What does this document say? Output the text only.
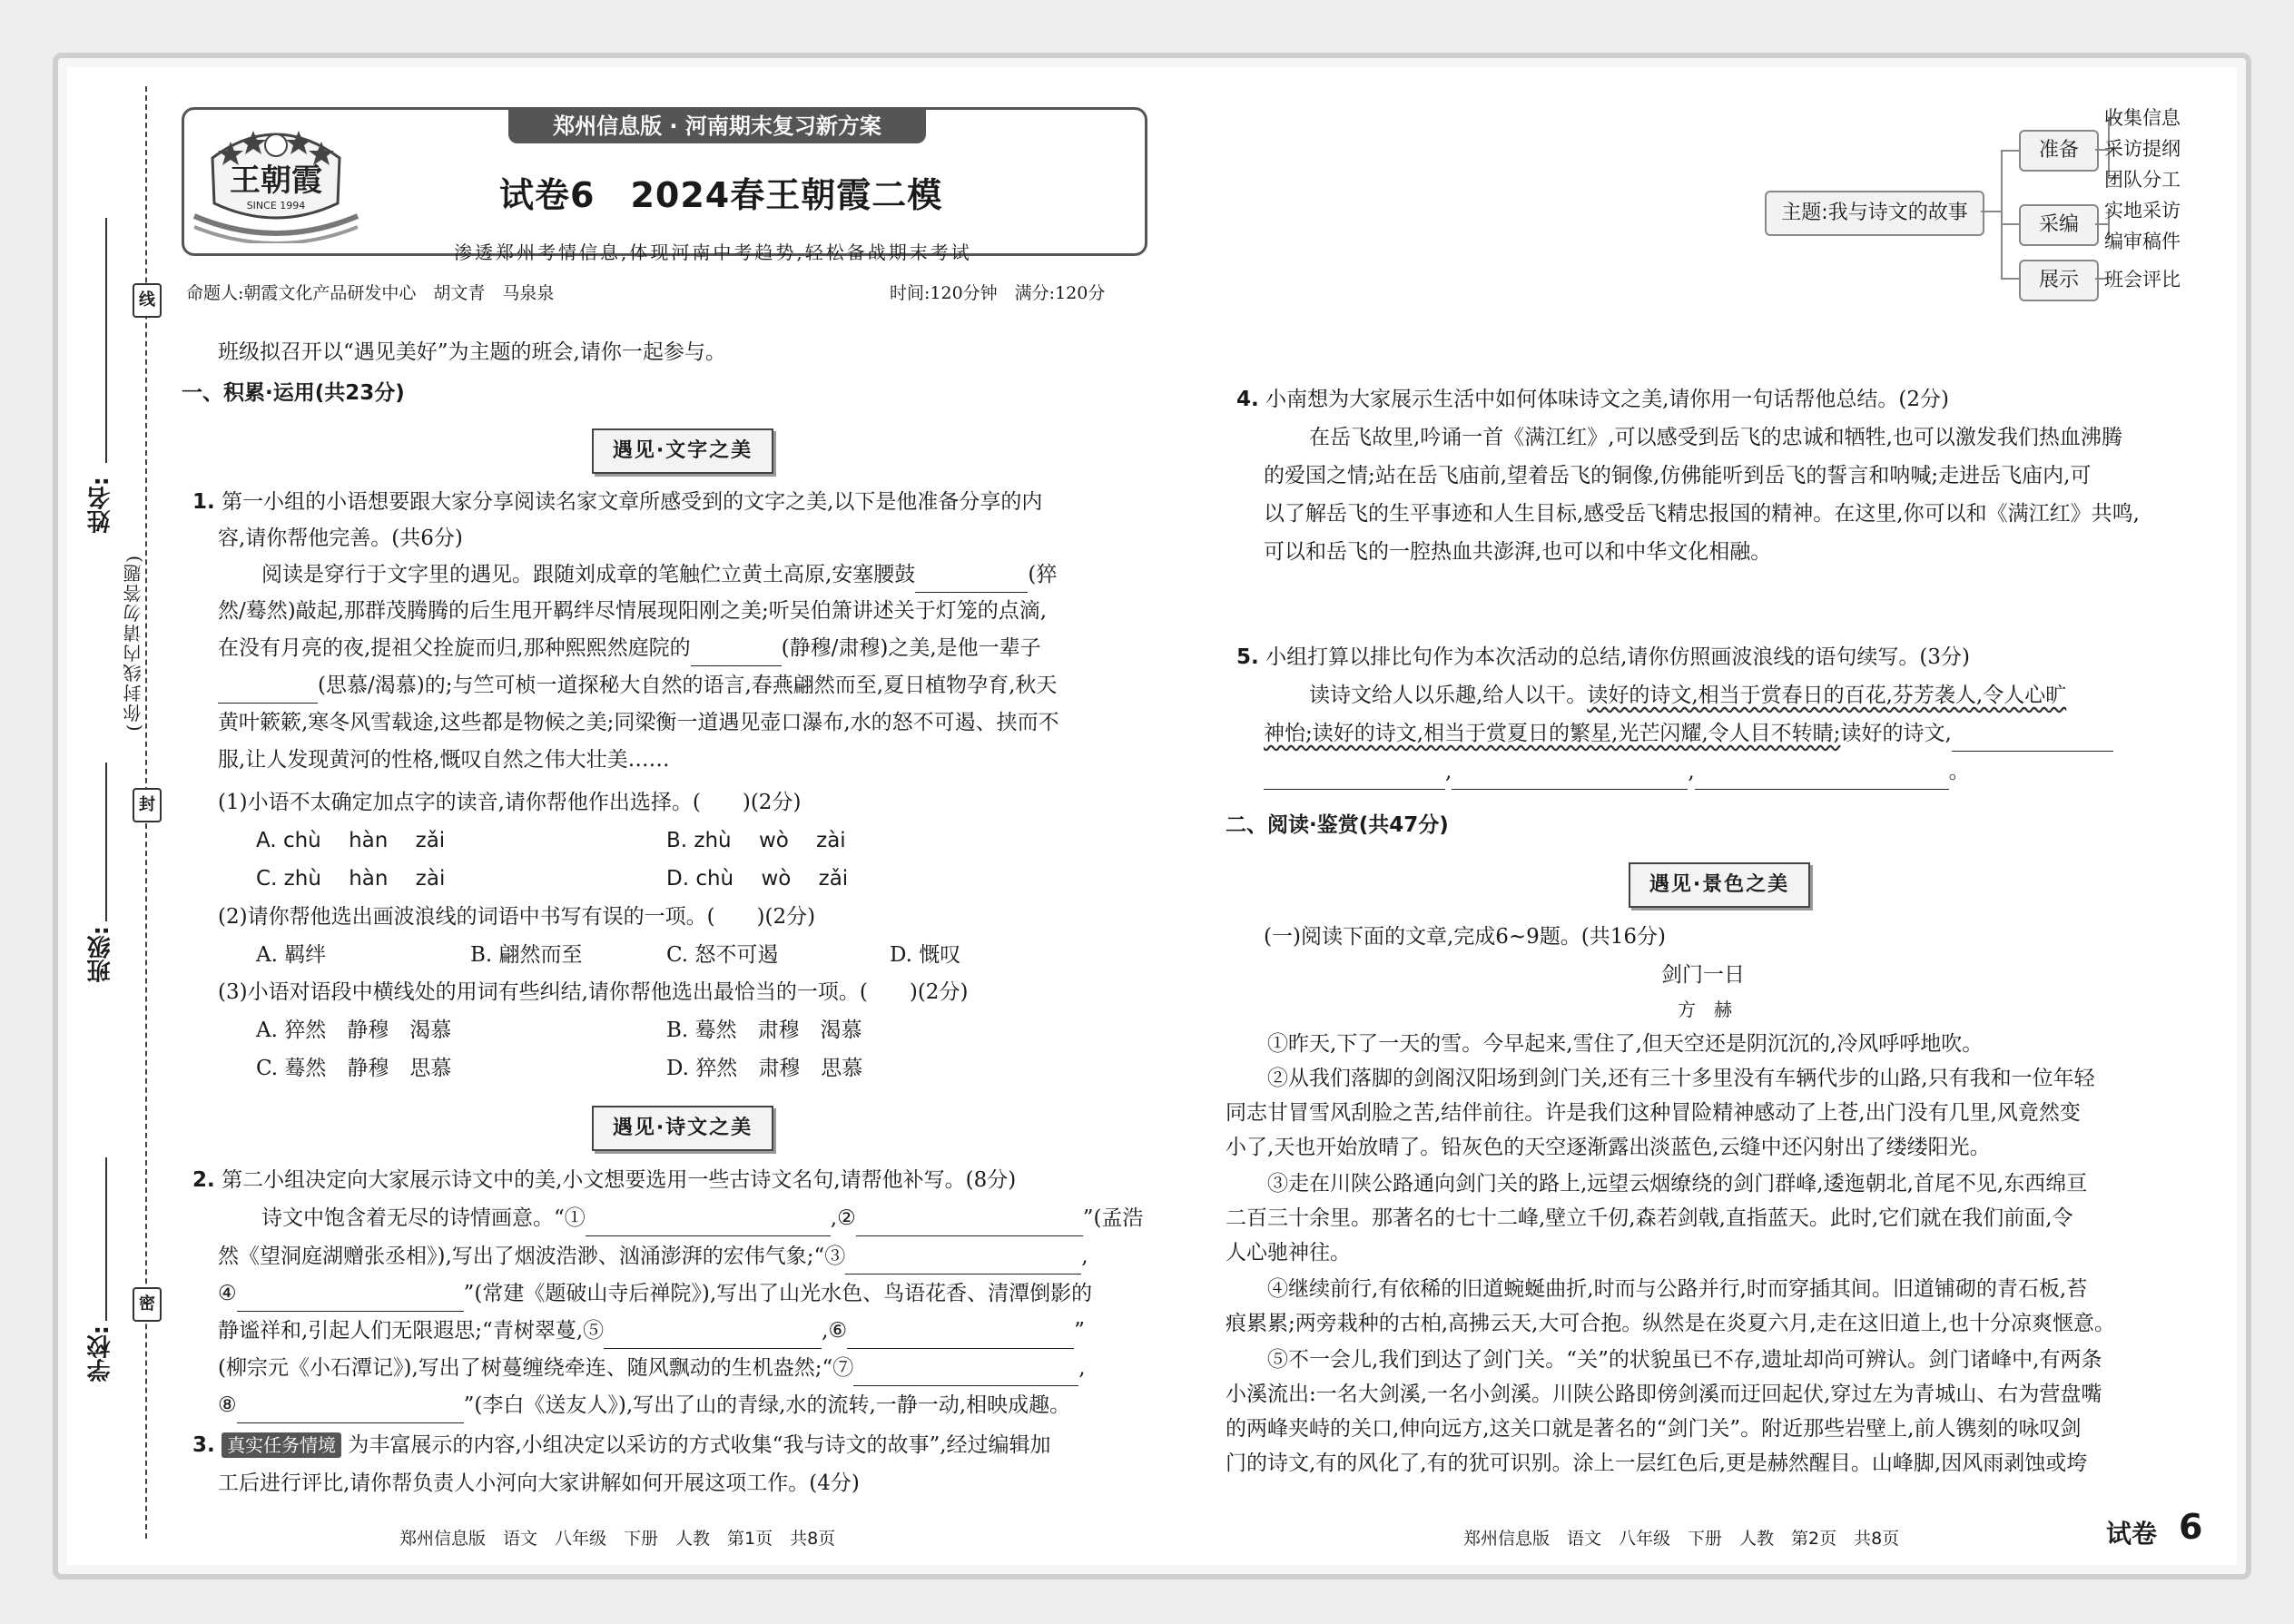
线
封
密
姓名:
班级:
学校:
(你封线内请勿答题)
郑州信息版 · 河南期末复习新方案
王朝霞
SINCE 1994	试卷6　2024春王朝霞二模
渗透郑州考情信息,体现河南中考趋势,轻松备战期末考试
命题人:朝霞文化产品研发中心　胡文青　马泉泉	时间:120分钟　满分:120分
班级拟召开以“遇见美好”为主题的班会,请你一起参与。
一、积累·运用(共23分)
遇见·文字之美
1. 第一小组的小语想要跟大家分享阅读名家文章所感受到的文字之美,以下是他准备分享的内
容,请你帮他完善。(共6分)
阅读是穿行于文字里的遇见。跟随刘成章的笔触伫立黄土高原,安塞腰鼓	(猝
然/蓦然)敲起,那群茂腾腾的后生甩开羁绊尽情展现阳刚之美;听吴伯箫讲述关于灯笼的点滴,
在没有月亮的夜,提祖父拴旋而归,那种熙熙然庭院的	(静穆/肃穆)之美,是他一辈子
(思慕/渴慕)的;与竺可桢一道探秘大自然的语言,春燕翩然而至,夏日植物孕育,秋天
黄叶簌簌,寒冬风雪载途,这些都是物候之美;同梁衡一道遇见壶口瀑布,水的怒不可遏、挟而不
服,让人发现黄河的性格,慨叹自然之伟大壮美……
(1)小语不太确定加点字的读音,请你帮他作出选择。(　　)(2分)
A. chù　 hàn　 zǎi	B. zhù　 wò　 zài
C. zhù　 hàn　 zài	D. chù　 wò　 zǎi
(2)请你帮他选出画波浪线的词语中书写有误的一项。(　　)(2分)
A. 羁绊	B. 翩然而至	C. 怒不可遏	D. 慨叹
(3)小语对语段中横线处的用词有些纠结,请你帮他选出最恰当的一项。(　　)(2分)
A. 猝然　静穆　渴慕	B. 蓦然　肃穆　渴慕
C. 蓦然　静穆　思慕	D. 猝然　肃穆　思慕
遇见·诗文之美
2. 第二小组决定向大家展示诗文中的美,小文想要选用一些古诗文名句,请帮他补写。(8分)
诗文中饱含着无尽的诗情画意。“①	,②	”(孟浩
然《望洞庭湖赠张丞相》),写出了烟波浩渺、汹涌澎湃的宏伟气象;“③	,
④	”(常建《题破山寺后禅院》),写出了山光水色、鸟语花香、清潭倒影的
静谧祥和,引起人们无限遐思;“青树翠蔓,⑤	,⑥	”
(柳宗元《小石潭记》),写出了树蔓缠绕牵连、随风飘动的生机盎然;“⑦	,
⑧	”(李白《送友人》),写出了山的青绿,水的流转,一静一动,相映成趣。
3. 真实任务情境 为丰富展示的内容,小组决定以采访的方式收集“我与诗文的故事”,经过编辑加
工后进行评比,请你帮负责人小河向大家讲解如何开展这项工作。(4分)
郑州信息版　语文　八年级　下册　人教　第1页　共8页
主题:我与诗文的故事
准备
采编
展示
收集信息
采访提纲
团队分工
实地采访
编审稿件
班会评比
4. 小南想为大家展示生活中如何体味诗文之美,请你用一句话帮他总结。(2分)
在岳飞故里,吟诵一首《满江红》,可以感受到岳飞的忠诚和牺牲,也可以激发我们热血沸腾
的爱国之情;站在岳飞庙前,望着岳飞的铜像,仿佛能听到岳飞的誓言和呐喊;走进岳飞庙内,可
以了解岳飞的生平事迹和人生目标,感受岳飞精忠报国的精神。在这里,你可以和《满江红》共鸣,
可以和岳飞的一腔热血共澎湃,也可以和中华文化相融。
5. 小组打算以排比句作为本次活动的总结,请你仿照画波浪线的语句续写。(3分)
读诗文给人以乐趣,给人以干。读好的诗文,相当于赏春日的百花,芬芳袭人,令人心旷
神怡;读好的诗文,相当于赏夏日的繁星,光芒闪耀,令人目不转睛;读好的诗文,
,	,	。
二、阅读·鉴赏(共47分)
遇见·景色之美
(一)阅读下面的文章,完成6~9题。(共16分)
剑门一日
方　赫
①昨天,下了一天的雪。今早起来,雪住了,但天空还是阴沉沉的,冷风呼呼地吹。
②从我们落脚的剑阁汉阳场到剑门关,还有三十多里没有车辆代步的山路,只有我和一位年轻
同志甘冒雪风刮脸之苦,结伴前往。许是我们这种冒险精神感动了上苍,出门没有几里,风竟然变
小了,天也开始放晴了。铅灰色的天空逐渐露出淡蓝色,云缝中还闪射出了缕缕阳光。
③走在川陕公路通向剑门关的路上,远望云烟缭绕的剑门群峰,逶迤朝北,首尾不见,东西绵亘
二百三十余里。那著名的七十二峰,壁立千仞,森若剑戟,直指蓝天。此时,它们就在我们前面,令
人心驰神往。
④继续前行,有依稀的旧道蜿蜒曲折,时而与公路并行,时而穿插其间。旧道铺砌的青石板,苔
痕累累;两旁栽种的古柏,高拂云天,大可合抱。纵然是在炎夏六月,走在这旧道上,也十分凉爽惬意。
⑤不一会儿,我们到达了剑门关。“关”的状貌虽已不存,遗址却尚可辨认。剑门诸峰中,有两条
小溪流出:一名大剑溪,一名小剑溪。川陕公路即傍剑溪而迂回起伏,穿过左为青城山、右为营盘嘴
的两峰夹峙的关口,伸向远方,这关口就是著名的“剑门关”。附近那些岩壁上,前人镌刻的咏叹剑
门的诗文,有的风化了,有的犹可识别。涂上一层红色后,更是赫然醒目。山峰脚,因风雨剥蚀或垮
郑州信息版　语文　八年级　下册　人教　第2页　共8页	试卷 6
